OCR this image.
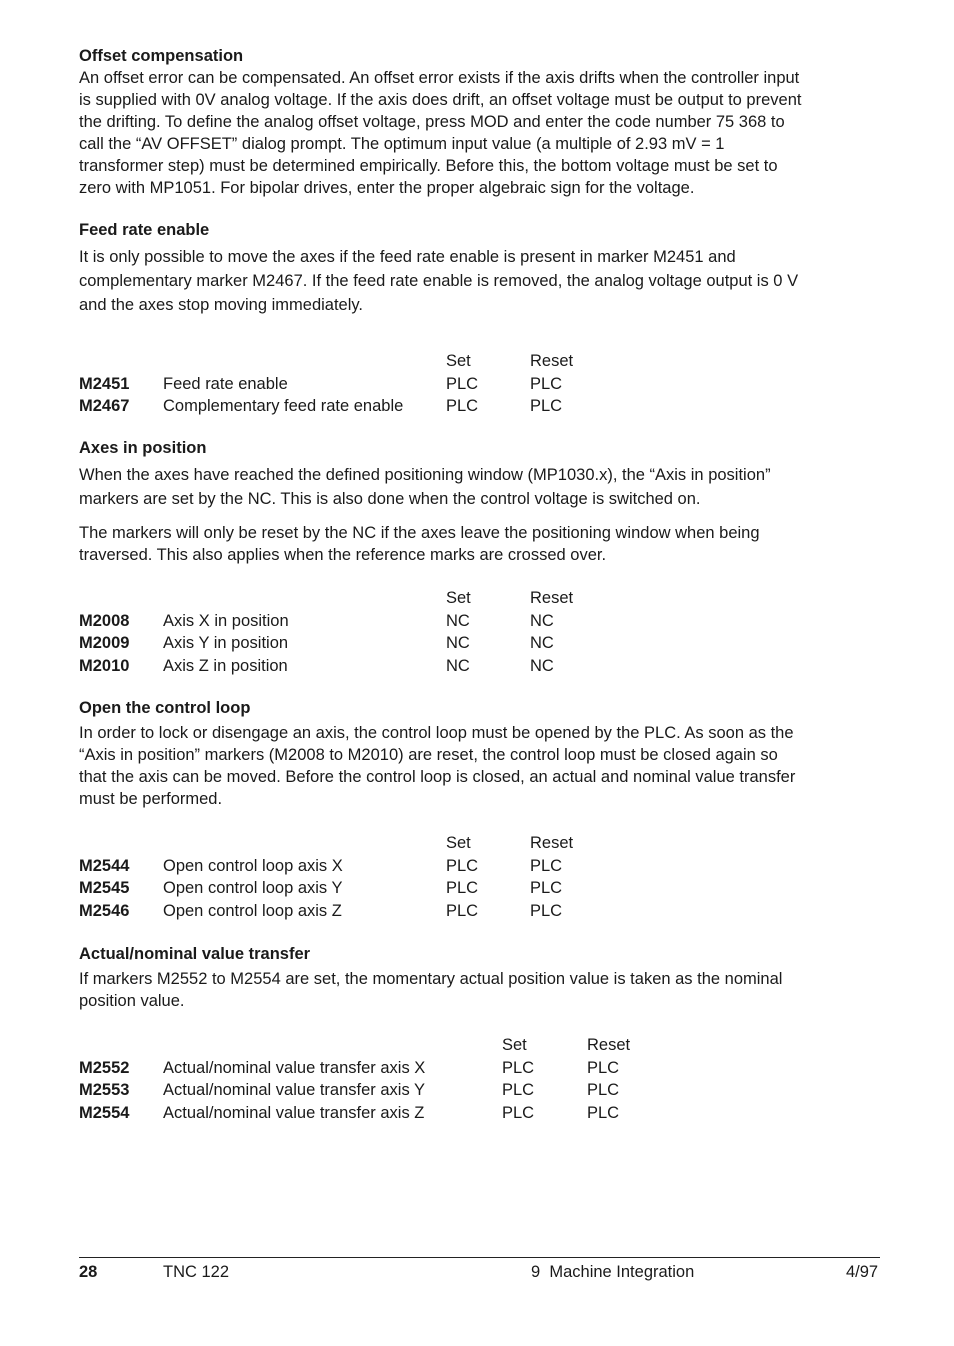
Offset compensation
An offset error can be compensated. An offset error exists if the axis drifts when the controller input
is supplied with 0V analog voltage. If the axis does drift, an offset voltage must be output to prevent
the drifting. To define the analog offset voltage, press MOD and enter the code number 75 368 to
call the “AV OFFSET” dialog prompt. The optimum input value (a multiple of 2.93 mV = 1
transformer step) must be determined empirically. Before this, the bottom voltage must be set to
zero with MP1051. For bipolar drives, enter the proper algebraic sign for the voltage.
Feed rate enable
It is only possible to move the axes if the feed rate enable is present in marker M2451 and
complementary marker M2467. If the feed rate enable is removed, the analog voltage output is 0 V
and the axes stop moving immediately.
Set	Reset
M2451 Feed rate enable	PLC	PLC
M2467 Complementary feed rate enable	PLC	PLC
Axes in position
When the axes have reached the defined positioning window (MP1030.x), the “Axis in position”
markers are set by the NC. This is also done when the control voltage is switched on.
The markers will only be reset by the NC if the axes leave the positioning window when being
traversed. This also applies when the reference marks are crossed over.
Set	Reset
M2008 Axis X in position	NC	NC
M2009 Axis Y in position	NC	NC
M2010 Axis Z in position	NC	NC
Open the control loop
In order to lock or disengage an axis, the control loop must be opened by the PLC. As soon as the
“Axis in position” markers (M2008 to M2010) are reset, the control loop must be closed again so
that the axis can be moved. Before the control loop is closed, an actual and nominal value transfer
must be performed.
Set	Reset
M2544 Open control loop axis X	PLC	PLC
M2545 Open control loop axis Y	PLC	PLC
M2546 Open control loop axis Z	PLC	PLC
Actual/nominal value transfer
If markers M2552 to M2554 are set, the momentary actual position value is taken as the nominal
position value.
Set	Reset
M2552 Actual/nominal value transfer axis X	PLC	PLC
M2553 Actual/nominal value transfer axis Y	PLC	PLC
M2554 Actual/nominal value transfer axis Z	PLC	PLC
28	TNC 122	9  Machine Integration	4/97
